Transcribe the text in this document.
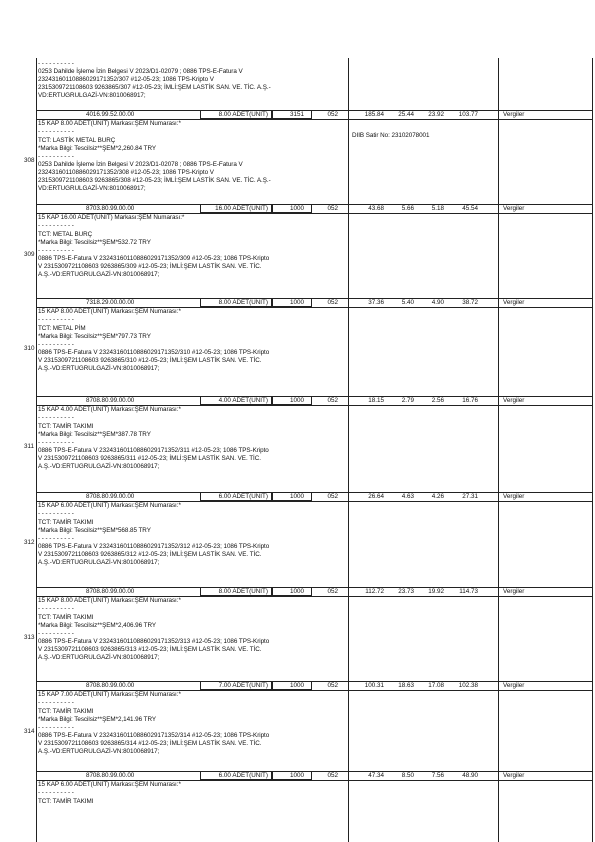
- - - - - - - - - -
0253 Dahilde İşleme İzin Belgesi V 2023/D1-02079 ; 0886 TPS-E-Fatura V
23243160110886029171352/307 #12-05-23; 1086 TPS-Kripto V
2315309721108603 9263865/307 #12-05-23; İMLİ:ŞEM LASTİK SAN. VE. TİC. A.Ş.-
VD:ERTUGRULGAZİ-VN:8010068917;
4016.99.52.00.00	8.00 ADET(UNIT)	3151	052	185.84	25.44	23.92	103.77	Vergiler
15 KAP 8.00 ADET(UNIT) Markası:ŞEM Numarası:*
- - - - - - - - - -
TCT: LASTİK METAL BURÇ
*Marka Bilgi: Tescilsiz**ŞEM*2,260.84 TRY
- - - - - - - - - -
0253 Dahilde İşleme İzin Belgesi V 2023/D1-02078 ; 0886 TPS-E-Fatura V
23243160110886029171352/308 #12-05-23; 1086 TPS-Kripto V
2315309721108603 9263865/308 #12-05-23; İMLİ:ŞEM LASTİK SAN. VE. TİC. A.Ş.-
VD:ERTUGRULGAZİ-VN:8010068917;
DIIB Satir No: 23102078001
308
8703.80.99.00.00	16.00 ADET(UNIT)	1000	052	43.68	5.66	5.18	45.54	Vergiler
15 KAP 16.00 ADET(UNIT) Markası:ŞEM Numarası:*
- - - - - - - - - -
TCT: METAL BURÇ
*Marka Bilgi: Tescilsiz**ŞEM*532.72 TRY
- - - - - - - - - -
0886 TPS-E-Fatura V 23243160110886029171352/309 #12-05-23; 1086 TPS-Kripto
V 2315309721108603 9263865/309 #12-05-23; İMLİ:ŞEM LASTİK SAN. VE. TİC.
A.Ş.-VD:ERTUGRULGAZİ-VN:8010068917;
309
7318.29.00.00.00	8.00 ADET(UNIT)	1000	052	37.36	5.40	4.90	38.72	Vergiler
15 KAP 8.00 ADET(UNIT) Markası:ŞEM Numarası:*
- - - - - - - - - -
TCT: METAL PİM
*Marka Bilgi: Tescilsiz**ŞEM*797.73 TRY
- - - - - - - - - -
0886 TPS-E-Fatura V 23243160110886029171352/310 #12-05-23; 1086 TPS-Kripto
V 2315309721108603 9263865/310 #12-05-23; İMLİ:ŞEM LASTİK SAN. VE. TİC.
A.Ş.-VD:ERTUGRULGAZİ-VN:8010068917;
310
8708.80.99.00.00	4.00 ADET(UNIT)	1000	052	18.15	2.79	2.56	16.76	Vergiler
15 KAP 4.00 ADET(UNIT) Markası:ŞEM Numarası:*
- - - - - - - - - -
TCT: TAMİR TAKIMI
*Marka Bilgi: Tescilsiz**ŞEM*387.78 TRY
- - - - - - - - - -
0886 TPS-E-Fatura V 23243160110886029171352/311 #12-05-23; 1086 TPS-Kripto
V 2315309721108603 9263865/311 #12-05-23; İMLİ:ŞEM LASTİK SAN. VE. TİC.
A.Ş.-VD:ERTUGRULGAZİ-VN:8010068917;
311
8708.80.99.00.00	6.00 ADET(UNIT)	1000	052	26.64	4.63	4.26	27.31	Vergiler
15 KAP 6.00 ADET(UNIT) Markası:ŞEM Numarası:*
- - - - - - - - - -
TCT: TAMİR TAKIMI
*Marka Bilgi: Tescilsiz**ŞEM*568.85 TRY
- - - - - - - - - -
0886 TPS-E-Fatura V 23243160110886029171352/312 #12-05-23; 1086 TPS-Kripto
V 2315309721108603 9263865/312 #12-05-23; İMLİ:ŞEM LASTİK SAN. VE. TİC.
A.Ş.-VD:ERTUGRULGAZİ-VN:8010068917;
312
8708.80.99.00.00	8.00 ADET(UNIT)	1000	052	112.72	23.73	19.92	114.73	Vergiler
15 KAP 8.00 ADET(UNIT) Markası:ŞEM Numarası:*
- - - - - - - - - -
TCT: TAMİR TAKIMI
*Marka Bilgi: Tescilsiz**ŞEM*2,406.96 TRY
- - - - - - - - - -
0886 TPS-E-Fatura V 23243160110886029171352/313 #12-05-23; 1086 TPS-Kripto
V 2315309721108603 9263865/313 #12-05-23; İMLİ:ŞEM LASTİK SAN. VE. TİC.
A.Ş.-VD:ERTUGRULGAZİ-VN:8010068917;
313
8708.80.99.00.00	7.00 ADET(UNIT)	1000	052	100.31	18.63	17.08	102.38	Vergiler
15 KAP 7.00 ADET(UNIT) Markası:ŞEM Numarası:*
- - - - - - - - - -
TCT: TAMİR TAKIMI
*Marka Bilgi: Tescilsiz**ŞEM*2,141.96 TRY
- - - - - - - - - -
0886 TPS-E-Fatura V 23243160110886029171352/314 #12-05-23; 1086 TPS-Kripto
V 2315309721108603 9263865/314 #12-05-23; İMLİ:ŞEM LASTİK SAN. VE. TİC.
A.Ş.-VD:ERTUGRULGAZİ-VN:8010068917;
314
8708.80.99.00.00	6.00 ADET(UNIT)	1000	052	47.34	8.50	7.56	48.90	Vergiler
15 KAP 6.00 ADET(UNIT) Markası:ŞEM Numarası:*
- - - - - - - - - -
TCT: TAMİR TAKIMI
